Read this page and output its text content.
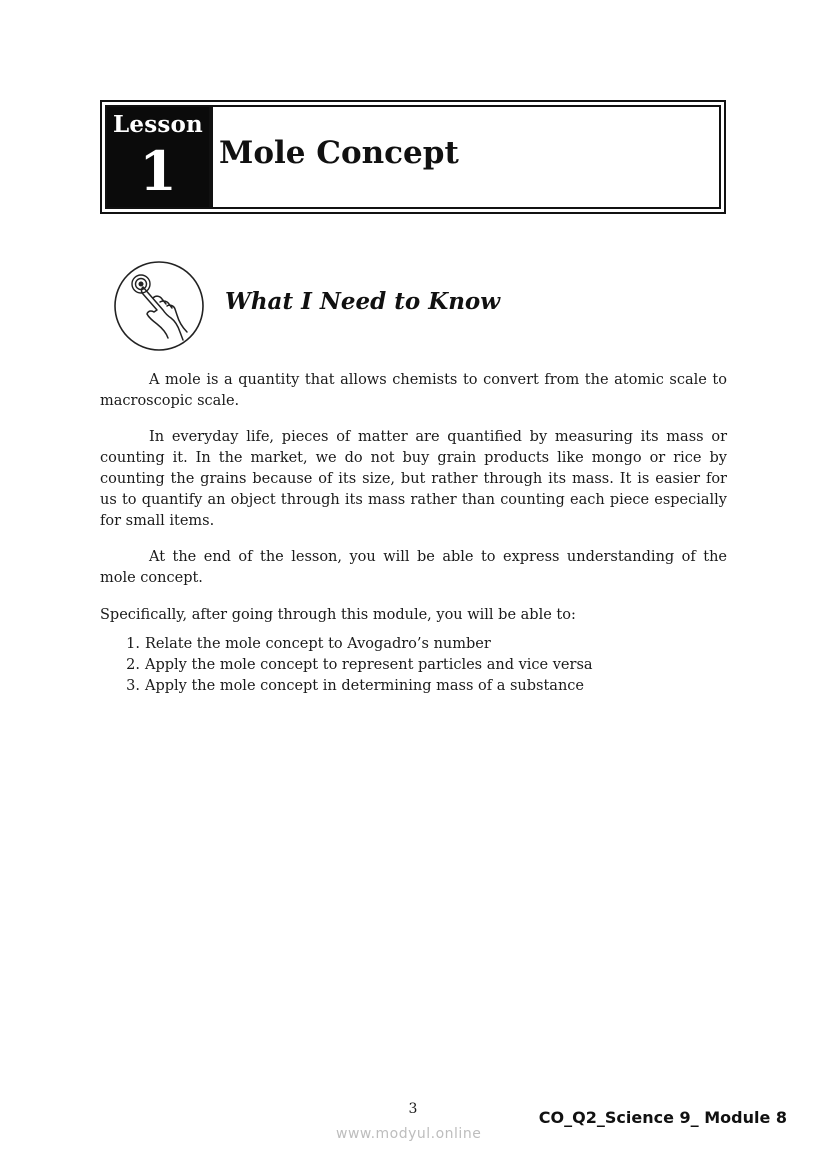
Lesson
1 Mole Concept
What I Need to Know

A mole is a quantity that allows chemists to convert from the atomic scale to macroscopic scale.

In everyday life, pieces of matter are quantified by measuring its mass or counting it. In the market, we do not buy grain products like mongo or rice by counting the grains because of its size, but rather through its mass. It is easier for us to quantify an object through its mass rather than counting each piece especially for small items.

At the end of the lesson, you will be able to express understanding of the mole concept.

Specifically, after going through this module, you will be able to:

1. Relate the mole concept to Avogadro’s number
2. Apply the mole concept to represent particles and vice versa
3. Apply the mole concept in determining mass of a substance
3
www.modyul.online
CO_Q2_Science 9_ Module 8
